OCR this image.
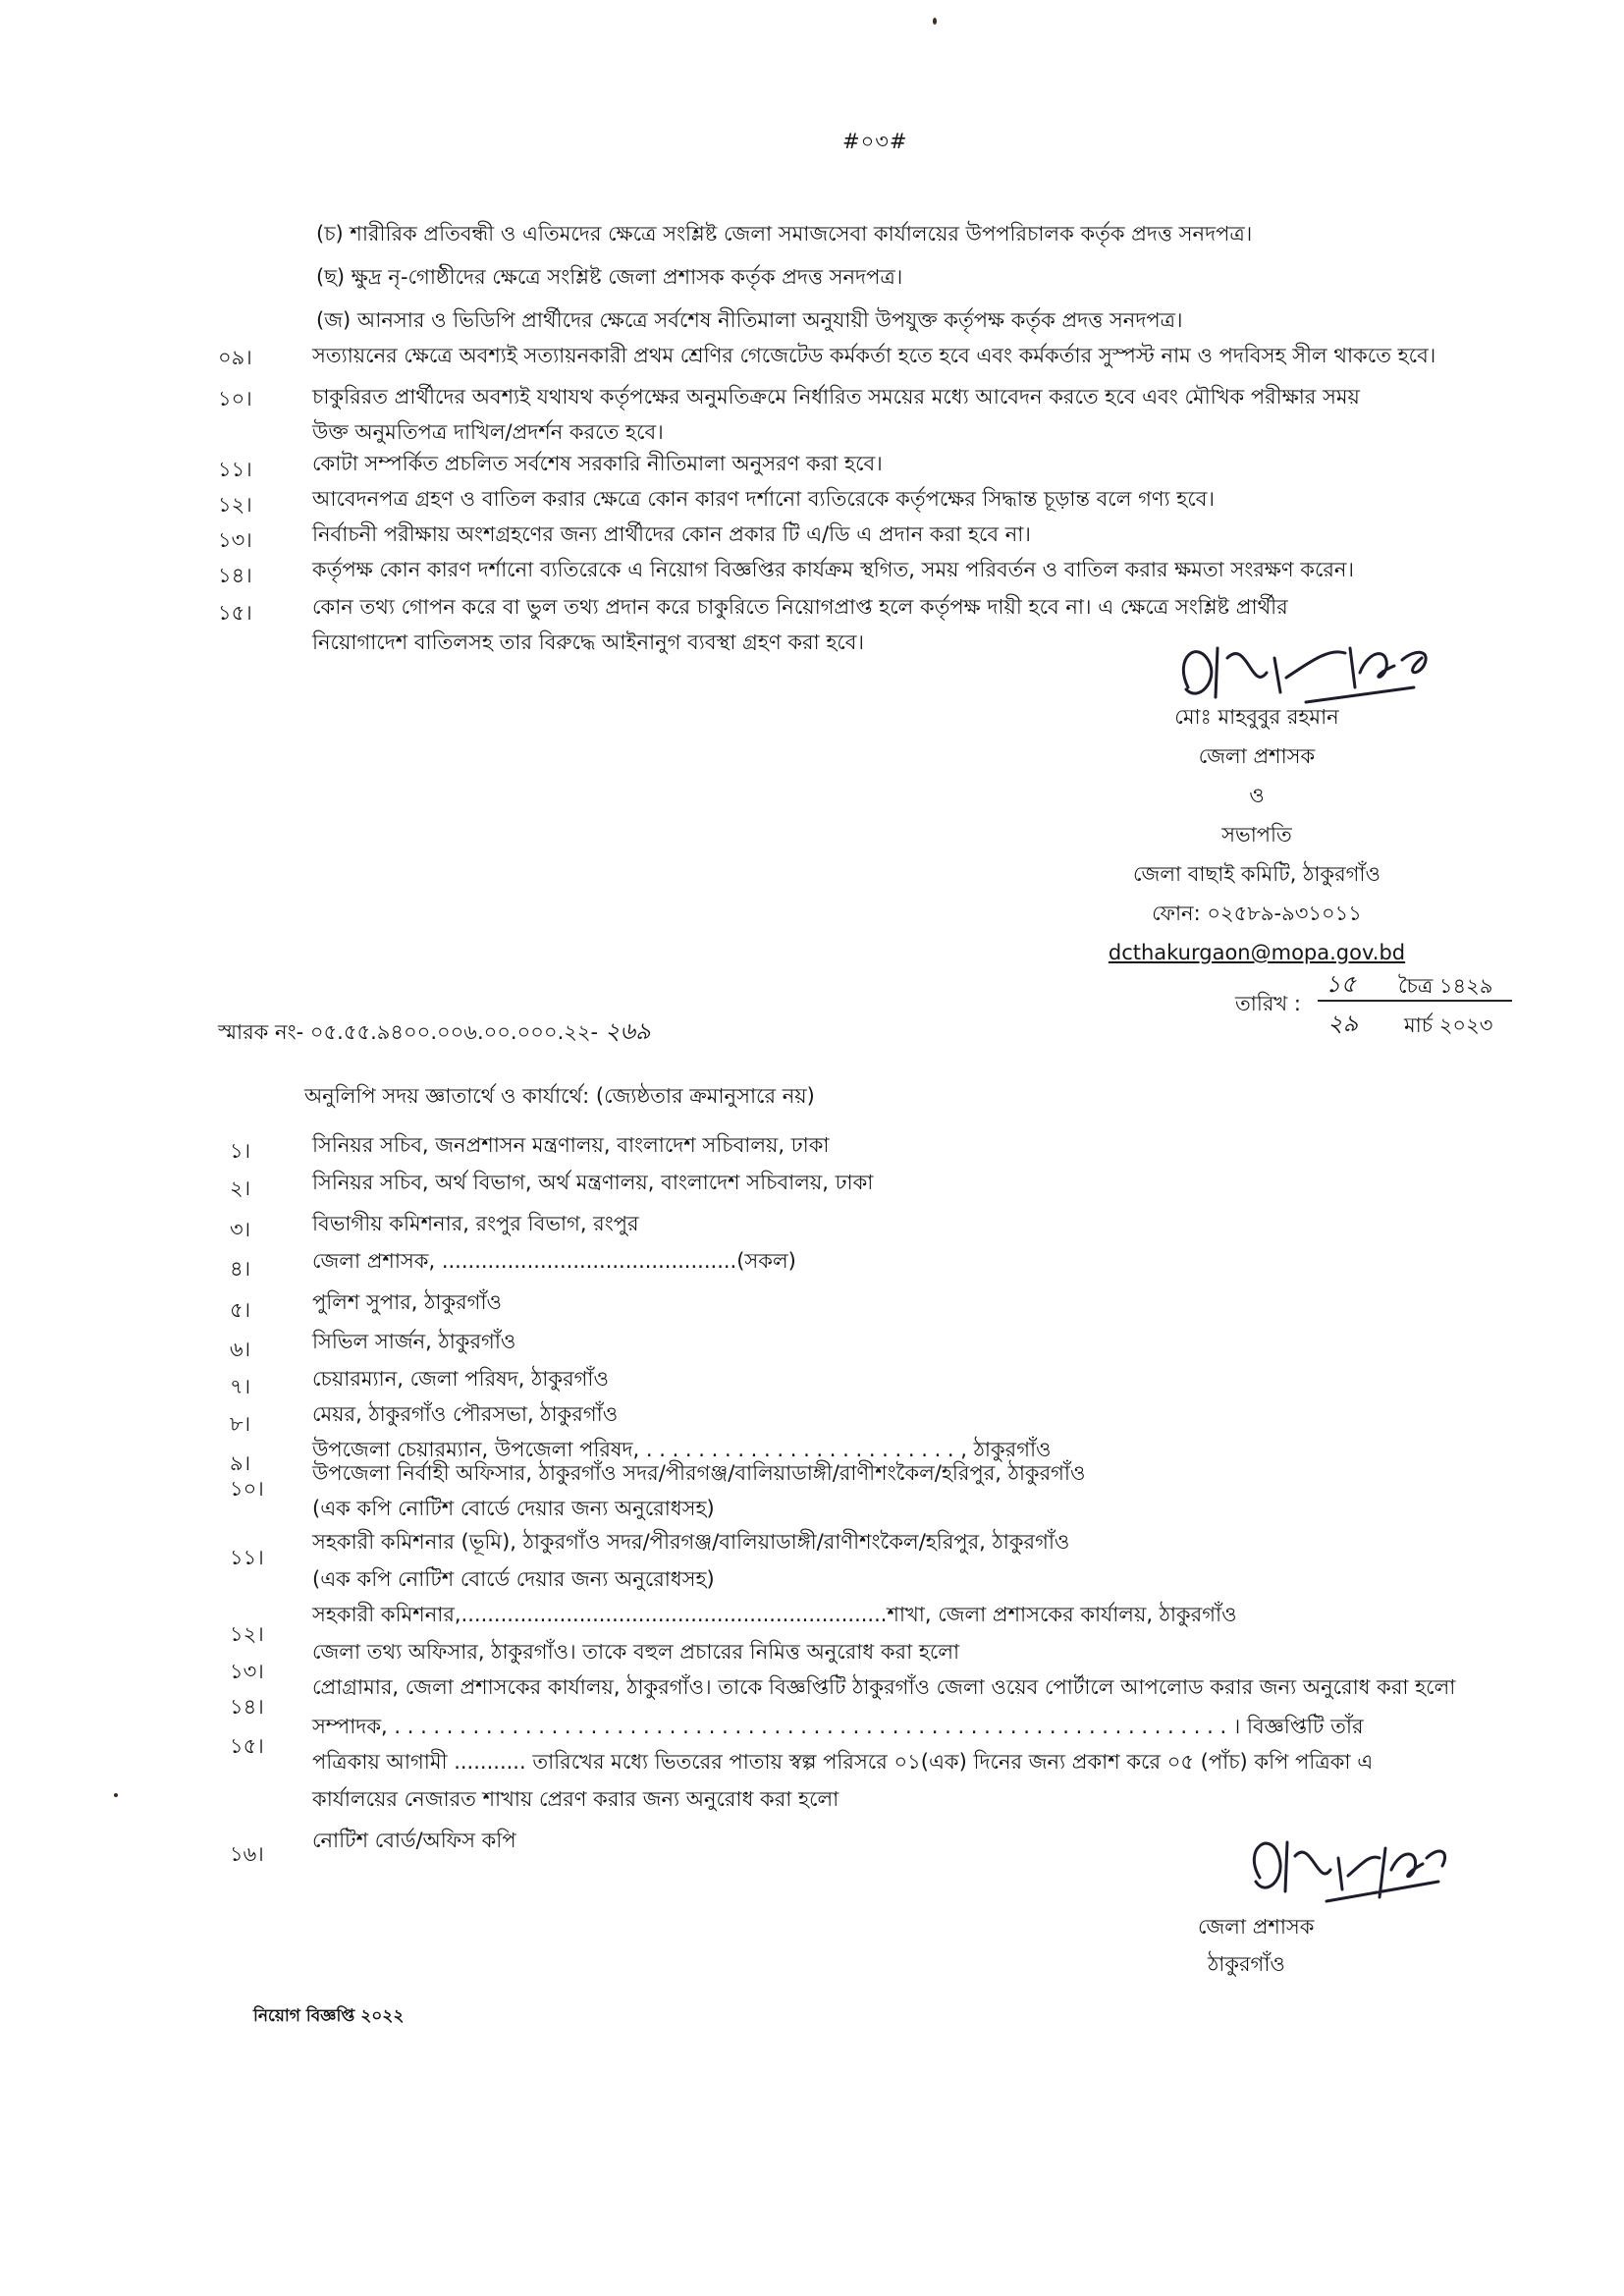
#০৩#
(চ) শারীরিক প্রতিবন্ধী ও এতিমদের ক্ষেত্রে সংশ্লিষ্ট জেলা সমাজসেবা কার্যালয়ের উপপরিচালক কর্তৃক প্রদত্ত সনদপত্র।
(ছ) ক্ষুদ্র নৃ-গোষ্ঠীদের ক্ষেত্রে সংশ্লিষ্ট জেলা প্রশাসক কর্তৃক প্রদত্ত সনদপত্র।
(জ) আনসার ও ভিডিপি প্রার্থীদের ক্ষেত্রে সর্বশেষ নীতিমালা অনুযায়ী উপযুক্ত কর্তৃপক্ষ কর্তৃক প্রদত্ত সনদপত্র।
০৯।	সত্যায়নের ক্ষেত্রে অবশ্যই সত্যায়নকারী প্রথম শ্রেণির গেজেটেড কর্মকর্তা হতে হবে এবং কর্মকর্তার সুস্পস্ট নাম ও পদবিসহ সীল থাকতে হবে।
১০।	চাকুরিরত প্রার্থীদের অবশ্যই যথাযথ কর্তৃপক্ষের অনুমতিক্রমে নির্ধারিত সময়ের মধ্যে আবেদন করতে হবে এবং মৌখিক পরীক্ষার সময়
উক্ত অনুমতিপত্র দাখিল/প্রদর্শন করতে হবে।
১১।	কোটা সম্পর্কিত প্রচলিত সর্বশেষ সরকারি নীতিমালা অনুসরণ করা হবে।
১২।	আবেদনপত্র গ্রহণ ও বাতিল করার ক্ষেত্রে কোন কারণ দর্শানো ব্যতিরেকে কর্তৃপক্ষের সিদ্ধান্ত চূড়ান্ত বলে গণ্য হবে।
১৩।	নির্বাচনী পরীক্ষায় অংশগ্রহণের জন্য প্রার্থীদের কোন প্রকার টি এ/ডি এ প্রদান করা হবে না।
১৪।	কর্তৃপক্ষ কোন কারণ দর্শানো ব্যতিরেকে এ নিয়োগ বিজ্ঞপ্তির কার্যক্রম স্থগিত, সময় পরিবর্তন ও বাতিল করার ক্ষমতা সংরক্ষণ করেন।
১৫।	কোন তথ্য গোপন করে বা ভুল তথ্য প্রদান করে চাকুরিতে নিয়োগপ্রাপ্ত হলে কর্তৃপক্ষ দায়ী হবে না। এ ক্ষেত্রে সংশ্লিষ্ট প্রার্থীর
নিয়োগাদেশ বাতিলসহ তার বিরুদ্ধে আইনানুগ ব্যবস্থা গ্রহণ করা হবে।
মোঃ মাহবুবুর রহমান
জেলা প্রশাসক
ও
সভাপতি
জেলা বাছাই কমিটি, ঠাকুরগাঁও
ফোন: ০২৫৮৯-৯৩১০১১
dcthakurgaon@mopa.gov.bd
স্মারক নং- ০৫.৫৫.৯৪০০.০০৬.০০.০০০.২২- ২৬৯
তারিখ :
১৫ চৈত্র ১৪২৯
২৯ মার্চ ২০২৩
অনুলিপি সদয় জ্ঞাতার্থে ও কার্যার্থে: (জ্যেষ্ঠতার ক্রমানুসারে নয়)
১।	সিনিয়র সচিব, জনপ্রশাসন মন্ত্রণালয়, বাংলাদেশ সচিবালয়, ঢাকা
২।	সিনিয়র সচিব, অর্থ বিভাগ, অর্থ মন্ত্রণালয়, বাংলাদেশ সচিবালয়, ঢাকা
৩।	বিভাগীয় কমিশনার, রংপুর বিভাগ, রংপুর
৪।	জেলা প্রশাসক, .............................................(সকল)
৫।	পুলিশ সুপার, ঠাকুরগাঁও
৬।	সিভিল সার্জন, ঠাকুরগাঁও
৭।	চেয়ারম্যান, জেলা পরিষদ, ঠাকুরগাঁও
৮।	মেয়র, ঠাকুরগাঁও পৌরসভা, ঠাকুরগাঁও
৯।
উপজেলা চেয়ারম্যান, উপজেলা পরিষদ, . . . . . . . . . . . . . . . . . . . . . . . . , ঠাকুরগাঁও
১০।
উপজেলা নির্বাহী অফিসার, ঠাকুরগাঁও সদর/পীরগঞ্জ/বালিয়াডাঙ্গী/রাণীশংকৈল/হরিপুর, ঠাকুরগাঁও
(এক কপি নোটিশ বোর্ডে দেয়ার জন্য অনুরোধসহ)
১১।
সহকারী কমিশনার (ভূমি), ঠাকুরগাঁও সদর/পীরগঞ্জ/বালিয়াডাঙ্গী/রাণীশংকৈল/হরিপুর, ঠাকুরগাঁও
(এক কপি নোটিশ বোর্ডে দেয়ার জন্য অনুরোধসহ)
১২।
সহকারী কমিশনার,.................................................................শাখা, জেলা প্রশাসকের কার্যালয়, ঠাকুরগাঁও
১৩।
জেলা তথ্য অফিসার, ঠাকুরগাঁও। তাকে বহুল প্রচারের নিমিত্ত অনুরোধ করা হলো
১৪।
প্রোগ্রামার, জেলা প্রশাসকের কার্যালয়, ঠাকুরগাঁও। তাকে বিজ্ঞপ্তিটি ঠাকুরগাঁও জেলা ওয়েব পোর্টালে আপলোড করার জন্য অনুরোধ করা হলো
১৫।
সম্পাদক, . . . . . . . . . . . . . . . . . . . . . . . . . . . . . . . . . . . . . . . . . . . . . . . . . . . . . . . . . . . . . . . . । বিজ্ঞপ্তিটি তাঁর
পত্রিকায় আগামী ........... তারিখের মধ্যে ভিতরের পাতায় স্বল্প পরিসরে ০১(এক) দিনের জন্য প্রকাশ করে ০৫ (পাঁচ) কপি পত্রিকা এ
কার্যালয়ের নেজারত শাখায় প্রেরণ করার জন্য অনুরোধ করা হলো
১৬।
নোটিশ বোর্ড/অফিস কপি
জেলা প্রশাসক
ঠাকুরগাঁও
নিয়োগ বিজ্ঞপ্তি ২০২২
